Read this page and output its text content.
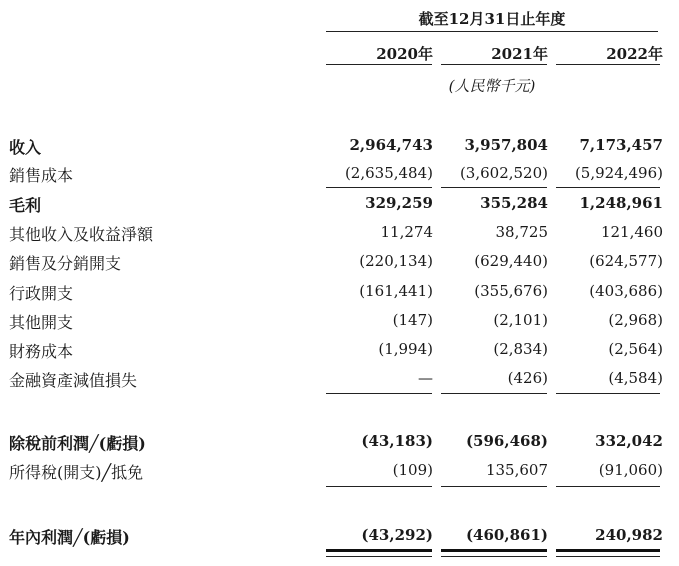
截至12月31日止年度
2020年	2021年	2022年
(人民幣千元)
收入	2,964,743	3,957,804	7,173,457
銷售成本	(2,635,484)	(3,602,520)	(5,924,496)
毛利	329,259	355,284	1,248,961
其他收入及收益淨額	11,274	38,725	121,460
銷售及分銷開支	(220,134)	(629,440)	(624,577)
行政開支	(161,441)	(355,676)	(403,686)
其他開支	(147)	(2,101)	(2,968)
財務成本	(1,994)	(2,834)	(2,564)
金融資產減值損失	—	(426)	(4,584)
除稅前利潤╱(虧損)	(43,183)	(596,468)	332,042
所得稅(開支)╱抵免	(109)	135,607	(91,060)
年內利潤╱(虧損)	(43,292)	(460,861)	240,982
